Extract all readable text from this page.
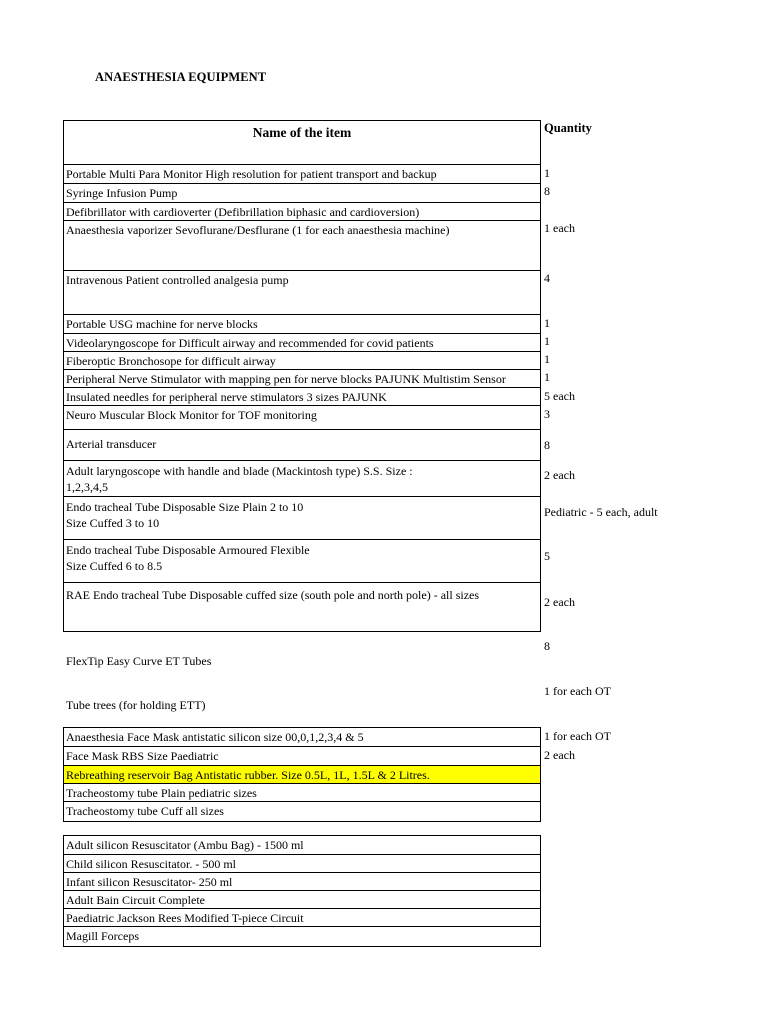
ANAESTHESIA EQUIPMENT
Name of the item
Portable Multi Para Monitor High resolution for patient transport and backup
Syringe Infusion Pump
Defibrillator with cardioverter (Defibrillation biphasic and cardioversion)
Anaesthesia vaporizer Sevoflurane/Desflurane (1 for each anaesthesia machine)
Intravenous Patient controlled analgesia pump
Portable USG machine for nerve blocks
Videolaryngoscope for Difficult airway and recommended for covid patients
Fiberoptic Bronchosope for difficult airway
Peripheral Nerve Stimulator with mapping pen for nerve blocks PAJUNK Multistim Sensor
Insulated needles for peripheral nerve stimulators 3 sizes PAJUNK
Neuro Muscular Block Monitor for TOF monitoring
Arterial transducer
Adult laryngoscope with handle and blade (Mackintosh type) S.S. Size :
1,2,3,4,5
Endo tracheal Tube Disposable Size Plain 2 to 10
Size Cuffed 3 to 10
Endo tracheal Tube Disposable Armoured Flexible
Size Cuffed 6 to 8.5
RAE Endo tracheal Tube Disposable cuffed size (south pole and north pole) - all sizes
Quantity
1
8
1 each
4
1
1
1
1
5 each
3
8
2 each
Pediatric - 5 each, adult
5
2 each
8
FlexTip Easy Curve ET Tubes
1 for each OT
Tube trees (for holding ETT)
Anaesthesia Face Mask antistatic silicon size 00,0,1,2,3,4 & 5
Face Mask RBS Size Paediatric
Rebreathing reservoir Bag Antistatic rubber. Size 0.5L, 1L, 1.5L & 2 Litres.
Tracheostomy tube Plain pediatric sizes
Tracheostomy tube Cuff all sizes
1 for each OT
2 each
Adult silicon Resuscitator (Ambu Bag) - 1500 ml
Child silicon Resuscitator. - 500 ml
Infant silicon Resuscitator- 250 ml
Adult Bain Circuit Complete
Paediatric Jackson Rees Modified T-piece Circuit
Magill Forceps
